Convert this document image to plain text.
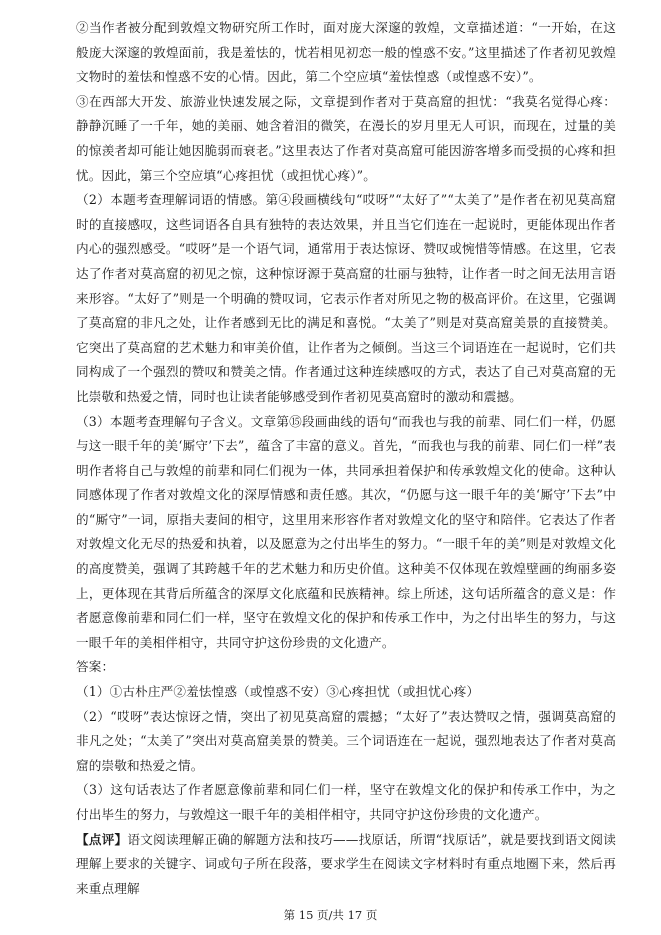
②当作者被分配到敦煌文物研究所工作时，面对庞大深邃的敦煌，文章描述道：“一开始，在这般庞大深邃的敦煌面前，我是羞怯的，忧若相见初恋一般的惶惑不安。”这里描述了作者初见敦煌文物时的羞怯和惶惑不安的心情。因此，第二个空应填“羞怯惶惑（或惶惑不安）”。

③在西部大开发、旅游业快速发展之际，文章提到作者对于莫高窟的担忧：“我莫名觉得心疼：静静沉睡了一千年，她的美丽、她含着泪的微笑，在漫长的岁月里无人可识，而现在，过量的美的惊羡者却可能让她因脆弱而衰老。”这里表达了作者对莫高窟可能因游客增多而受损的心疼和担忧。因此，第三个空应填“心疼担忧（或担忧心疼）”。

（2）本题考查理解词语的情感。第④段画横线句“哎呀”“太好了”“太美了”是作者在初见莫高窟时的直接感叹，这些词语各自具有独特的表达效果，并且当它们连在一起说时，更能体现出作者内心的强烈感受。“哎呀”是一个语气词，通常用于表达惊讶、赞叹或惋惜等情感。在这里，它表达了作者对莫高窟的初见之惊，这种惊讶源于莫高窟的壮丽与独特，让作者一时之间无法用言语来形容。“太好了”则是一个明确的赞叹词，它表示作者对所见之物的极高评价。在这里，它强调了莫高窟的非凡之处，让作者感到无比的满足和喜悦。“太美了”则是对莫高窟美景的直接赞美。它突出了莫高窟的艺术魅力和审美价值，让作者为之倾倒。当这三个词语连在一起说时，它们共同构成了一个强烈的赞叹和赞美之情。作者通过这种连续感叹的方式，表达了自己对莫高窟的无比崇敬和热爱之情，同时也让读者能够感受到作者初见莫高窟时的激动和震撼。

（3）本题考查理解句子含义。文章第⑮段画曲线的语句“而我也与我的前辈、同仁们一样，仍愿与这一眼千年的美‘厮守’下去”，蕴含了丰富的意义。首先，“而我也与我的前辈、同仁们一样”表明作者将自己与敦煌的前辈和同仁们视为一体，共同承担着保护和传承敦煌文化的使命。这种认同感体现了作者对敦煌文化的深厚情感和责任感。其次，“仍愿与这一眼千年的美‘厮守’下去”中的“厮守”一词，原指夫妻间的相守，这里用来形容作者对敦煌文化的坚守和陪伴。它表达了作者对敦煌文化无尽的热爱和执着，以及愿意为之付出毕生的努力。“一眼千年的美”则是对敦煌文化的高度赞美，强调了其跨越千年的艺术魅力和历史价值。这种美不仅体现在敦煌壁画的绚丽多姿上，更体现在其背后所蕴含的深厚文化底蕴和民族精神。综上所述，这句话所蕴含的意义是：作者愿意像前辈和同仁们一样，坚守在敦煌文化的保护和传承工作中，为之付出毕生的努力，与这一眼千年的美相伴相守，共同守护这份珍贵的文化遗产。

答案：

（1）①古朴庄严②羞怯惶惑（或惶惑不安）③心疼担忧（或担忧心疼）

（2）“哎呀”表达惊讶之情，突出了初见莫高窟的震撼；“太好了”表达赞叹之情，强调莫高窟的非凡之处；“太美了”突出对莫高窟美景的赞美。三个词语连在一起说，强烈地表达了作者对莫高窟的崇敬和热爱之情。

（3）这句话表达了作者愿意像前辈和同仁们一样，坚守在敦煌文化的保护和传承工作中，为之付出毕生的努力，与敦煌这一眼千年的美相伴相守，共同守护这份珍贵的文化遗产。

【点评】语文阅读理解正确的解题方法和技巧——找原话，所谓“找原话”，就是要找到语文阅读理解上要求的关键字、词或句子所在段落，要求学生在阅读文字材料时有重点地圈下来，然后再来重点理解

第 15 页/共 17 页
